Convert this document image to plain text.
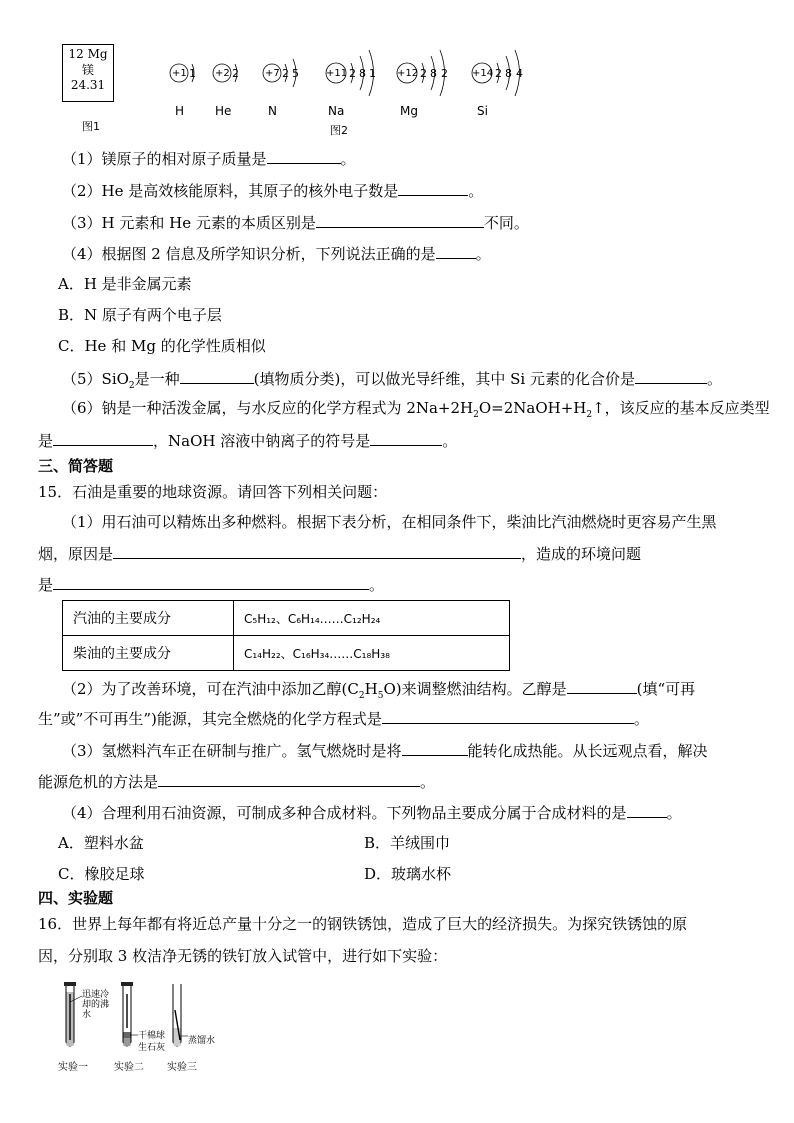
12 Mg
镁
24.31
图1
+1	+2	+7	+11	+12	+14
1	2	2 5	2 8 1	2 8 2	2 8 4
H	He	N	Na	Mg	Si
图2
（1）镁原子的相对原子质量是	。
（2）He 是高效核能原料，其原子的核外电子数是	。
（3）H 元素和 He 元素的本质区别是	不同。
（4）根据图 2 信息及所学知识分析，下列说法正确的是	。
A．H 是非金属元素
B．N 原子有两个电子层
C．He 和 Mg 的化学性质相似
（5）SiO$_2$是一种	(填物质分类)，可以做光导纤维，其中 Si 元素的化合价是	。
（6）钠是一种活泼金属，与水反应的化学方程式为 $2Na+2H_2O=2NaOH+H_2↑$，该反应的基本反应类型
是	，NaOH 溶液中钠离子的符号是	。
三、简答题
15．石油是重要的地球资源。请回答下列相关问题：
（1）用石油可以精炼出多种燃料。根据下表分析，在相同条件下，柴油比汽油燃烧时更容易产生黑
烟，原因是	，造成的环境问题
是	。
汽油的主要成分	C₅H₁₂、C₆H₁₄……C₁₂H₂₄
柴油的主要成分	C₁₄H₂₂、C₁₆H₃₄……C₁₈H₃₈
（2）为了改善环境，可在汽油中添加乙醇$(C_2H_5O)$来调整燃油结构。乙醇是	(填“可再
生”或”不可再生”)能源，其完全燃烧的化学方程式是	。
（3）氢燃料汽车正在研制与推广。氢气燃烧时是将	能转化成热能。从长远观点看，解决
能源危机的方法是	。
（4）合理利用石油资源，可制成多种合成材料。下列物品主要成分属于合成材料的是	。
A．塑料水盆	B．羊绒围巾
C．橡胶足球	D．玻璃水杯
四、实验题
16．世界上每年都有将近总产量十分之一的钢铁锈蚀，造成了巨大的经济损失。为探究铁锈蚀的原
因，分别取 3 枚洁净无锈的铁钉放入试管中，进行如下实验：
迅速冷却的沸水
干棉球
生石灰
蒸馏水
实验一	实验二 实验三
